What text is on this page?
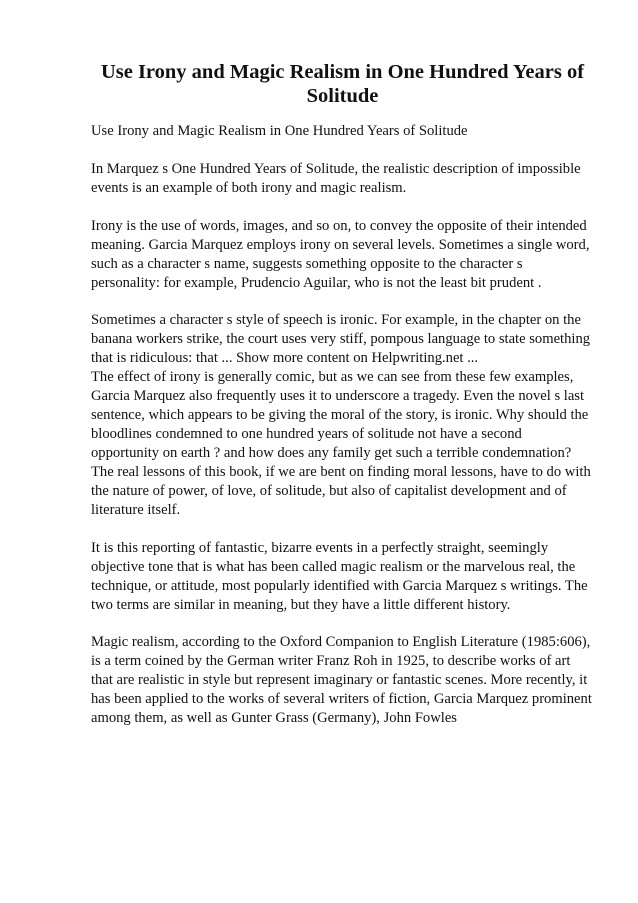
Use Irony and Magic Realism in One Hundred Years of Solitude

Use Irony and Magic Realism in One Hundred Years of Solitude

In Marquez s One Hundred Years of Solitude, the realistic description of impossible events is an example of both irony and magic realism.

Irony is the use of words, images, and so on, to convey the opposite of their intended meaning. Garcia Marquez employs irony on several levels. Sometimes a single word, such as a character s name, suggests something opposite to the character s personality: for example, Prudencio Aguilar, who is not the least bit prudent .

Sometimes a character s style of speech is ironic. For example, in the chapter on the banana workers strike, the court uses very stiff, pompous language to state something that is ridiculous: that ... Show more content on Helpwriting.net ...

The effect of irony is generally comic, but as we can see from these few examples, Garcia Marquez also frequently uses it to underscore a tragedy. Even the novel s last sentence, which appears to be giving the moral of the story, is ironic. Why should the bloodlines condemned to one hundred years of solitude not have a second opportunity on earth ? and how does any family get such a terrible condemnation? The real lessons of this book, if we are bent on finding moral lessons, have to do with the nature of power, of love, of solitude, but also of capitalist development and of literature itself.

It is this reporting of fantastic, bizarre events in a perfectly straight, seemingly objective tone that is what has been called magic realism or the marvelous real, the technique, or attitude, most popularly identified with Garcia Marquez s writings. The two terms are similar in meaning, but they have a little different history.

Magic realism, according to the Oxford Companion to English Literature (1985:606), is a term coined by the German writer Franz Roh in 1925, to describe works of art that are realistic in style but represent imaginary or fantastic scenes. More recently, it has been applied to the works of several writers of fiction, Garcia Marquez prominent among them, as well as Gunter Grass (Germany), John Fowles
